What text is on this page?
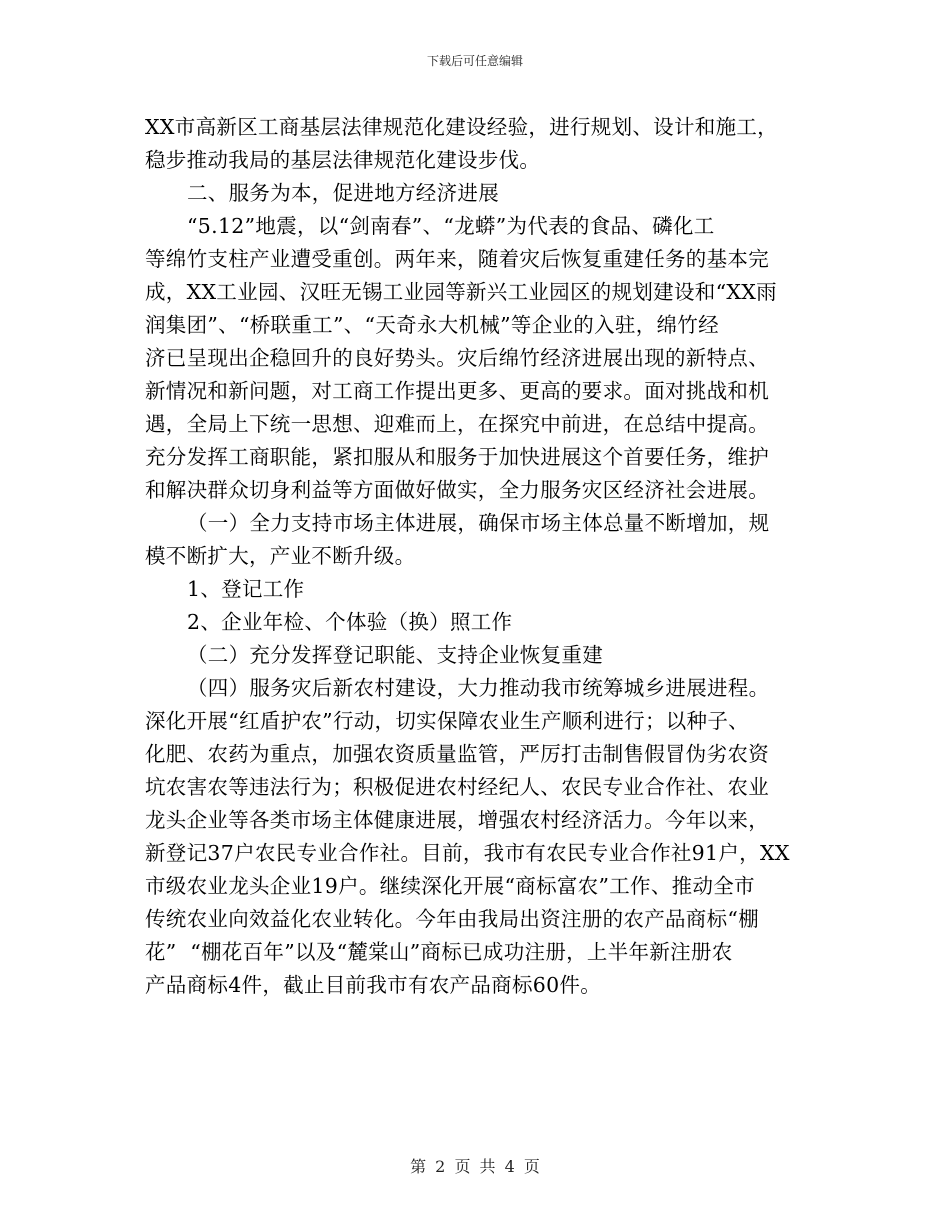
下载后可任意编辑
XX市高新区工商基层法律规范化建设经验，进行规划、设计和施工，
稳步推动我局的基层法律规范化建设步伐。
二、服务为本，促进地方经济进展
“5.12”地震，以“剑南春”、“龙蟒”为代表的食品、磷化工
等绵竹支柱产业遭受重创。两年来，随着灾后恢复重建任务的基本完
成，XX工业园、汉旺无锡工业园等新兴工业园区的规划建设和“XX雨
润集团”、“桥联重工”、“天奇永大机械”等企业的入驻，绵竹经
济已呈现出企稳回升的良好势头。灾后绵竹经济进展出现的新特点、
新情况和新问题，对工商工作提出更多、更高的要求。面对挑战和机
遇，全局上下统一思想、迎难而上，在探究中前进，在总结中提高。
充分发挥工商职能，紧扣服从和服务于加快进展这个首要任务，维护
和解决群众切身利益等方面做好做实，全力服务灾区经济社会进展。
（一）全力支持市场主体进展，确保市场主体总量不断增加，规
模不断扩大，产业不断升级。
1、登记工作
2、企业年检、个体验（换）照工作
（二）充分发挥登记职能、支持企业恢复重建
（四）服务灾后新农村建设，大力推动我市统筹城乡进展进程。
深化开展“红盾护农”行动，切实保障农业生产顺利进行；以种子、
化肥、农药为重点，加强农资质量监管，严厉打击制售假冒伪劣农资
坑农害农等违法行为；积极促进农村经纪人、农民专业合作社、农业
龙头企业等各类市场主体健康进展，增强农村经济活力。今年以来，
新登记37户农民专业合作社。目前，我市有农民专业合作社91户，XX
市级农业龙头企业19户。继续深化开展“商标富农”工作、推动全市
传统农业向效益化农业转化。今年由我局出资注册的农产品商标“棚
花”  “棚花百年”以及“麓棠山”商标已成功注册，上半年新注册农
产品商标4件，截止目前我市有农产品商标60件。
第 2 页 共 4 页
